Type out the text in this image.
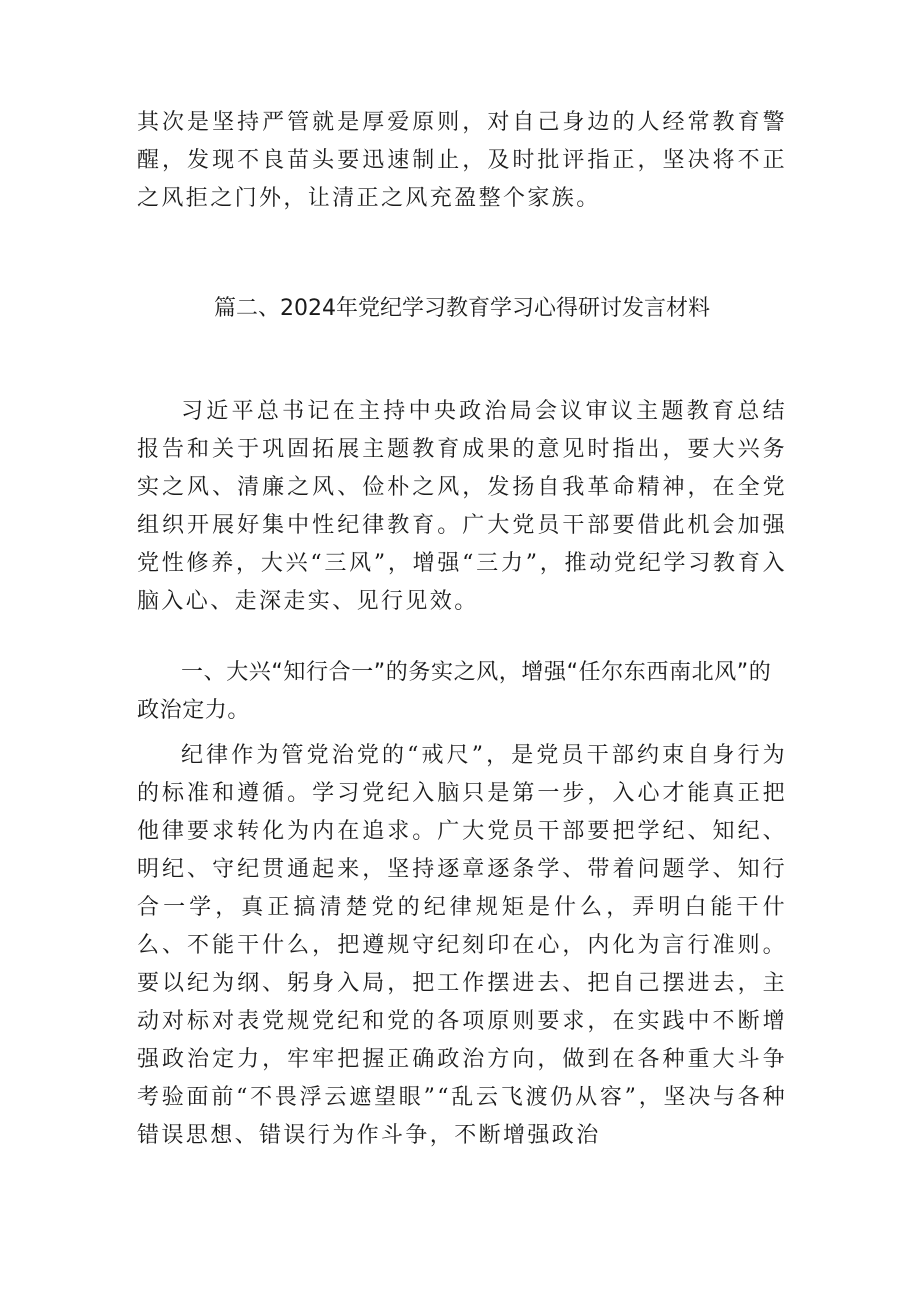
其次是坚持严管就是厚爱原则，对自己身边的人经常教育警醒，发现不良苗头要迅速制止，及时批评指正，坚决将不正之风拒之门外，让清正之风充盈整个家族。

篇二、2024年党纪学习教育学习心得研讨发言材料

习近平总书记在主持中央政治局会议审议主题教育总结报告和关于巩固拓展主题教育成果的意见时指出，要大兴务实之风、清廉之风、俭朴之风，发扬自我革命精神，在全党组织开展好集中性纪律教育。广大党员干部要借此机会加强党性修养，大兴“三风”，增强“三力”，推动党纪学习教育入脑入心、走深走实、见行见效。

一、大兴“知行合一”的务实之风，增强“任尔东西南北风”的政治定力。

纪律作为管党治党的“戒尺”，是党员干部约束自身行为的标准和遵循。学习党纪入脑只是第一步，入心才能真正把他律要求转化为内在追求。广大党员干部要把学纪、知纪、明纪、守纪贯通起来，坚持逐章逐条学、带着问题学、知行合一学，真正搞清楚党的纪律规矩是什么，弄明白能干什么、不能干什么，把遵规守纪刻印在心，内化为言行准则。要以纪为纲、躬身入局，把工作摆进去、把自己摆进去，主动对标对表党规党纪和党的各项原则要求，在实践中不断增强政治定力，牢牢把握正确政治方向，做到在各种重大斗争考验面前“不畏浮云遮望眼”“乱云飞渡仍从容”，坚决与各种错误思想、错误行为作斗争，不断增强政治
